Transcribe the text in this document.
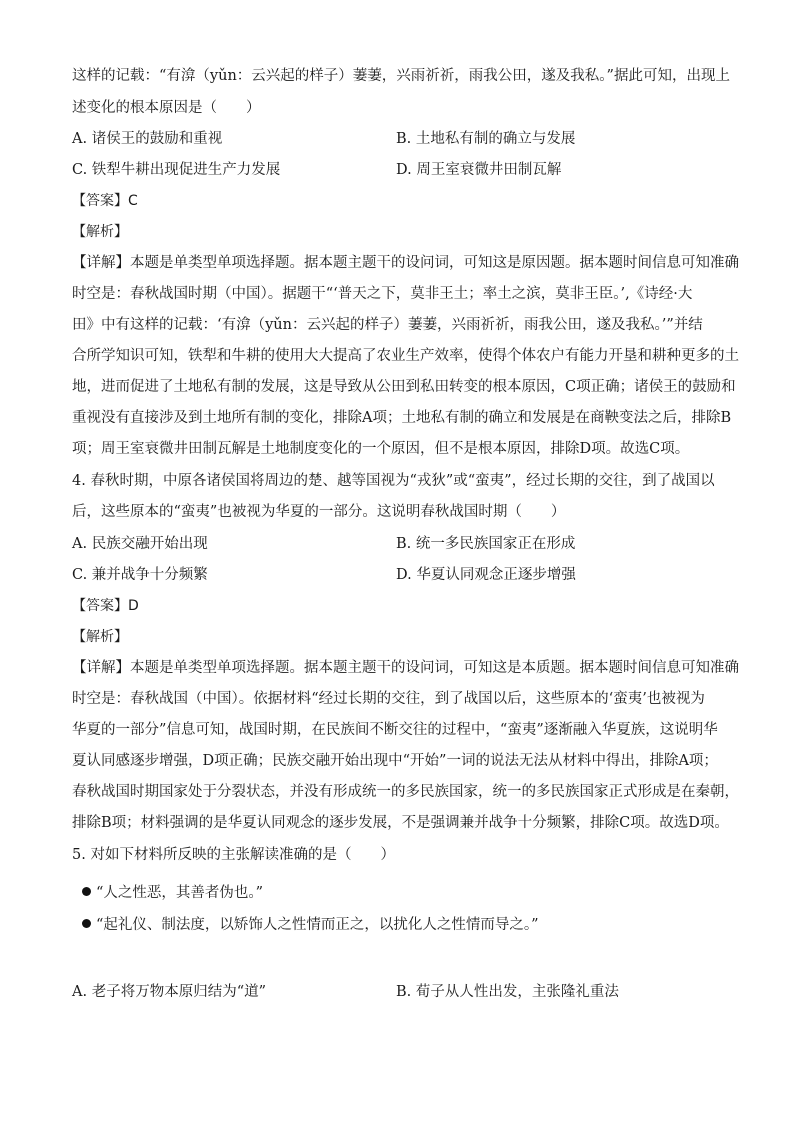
这样的记载：“有渰（yǔn：云兴起的样子）萋萋，兴雨祈祈，雨我公田，遂及我私。”据此可知，出现上
述变化的根本原因是（　　）
A. 诸侯王的鼓励和重视	B. 土地私有制的确立与发展
C. 铁犁牛耕出现促进生产力发展	D. 周王室衰微井田制瓦解
【答案】C
【解析】
【详解】本题是单类型单项选择题。据本题主题干的设问词，可知这是原因题。据本题时间信息可知准确
时空是：春秋战国时期（中国）。据题干“‘普天之下，莫非王土；率土之滨，莫非王臣。’,《诗经·大
田》中有这样的记载：‘有渰（yǔn：云兴起的样子）萋萋，兴雨祈祈，雨我公田，遂及我私。’”并结
合所学知识可知，铁犁和牛耕的使用大大提高了农业生产效率，使得个体农户有能力开垦和耕种更多的土
地，进而促进了土地私有制的发展，这是导致从公田到私田转变的根本原因，C项正确；诸侯王的鼓励和
重视没有直接涉及到土地所有制的变化，排除A项；土地私有制的确立和发展是在商鞅变法之后，排除B
项；周王室衰微井田制瓦解是土地制度变化的一个原因，但不是根本原因，排除D项。故选C项。
4. 春秋时期，中原各诸侯国将周边的楚、越等国视为“戎狄”或“蛮夷”，经过长期的交往，到了战国以
后，这些原本的“蛮夷”也被视为华夏的一部分。这说明春秋战国时期（　　）
A. 民族交融开始出现	B. 统一多民族国家正在形成
C. 兼并战争十分频繁	D. 华夏认同观念正逐步增强
【答案】D
【解析】
【详解】本题是单类型单项选择题。据本题主题干的设问词，可知这是本质题。据本题时间信息可知准确
时空是：春秋战国（中国）。依据材料“经过长期的交往，到了战国以后，这些原本的‘蛮夷’也被视为
华夏的一部分”信息可知，战国时期，在民族间不断交往的过程中，“蛮夷”逐渐融入华夏族，这说明华
夏认同感逐步增强，D项正确；民族交融开始出现中“开始”一词的说法无法从材料中得出，排除A项；
春秋战国时期国家处于分裂状态，并没有形成统一的多民族国家，统一的多民族国家正式形成是在秦朝，
排除B项；材料强调的是华夏认同观念的逐步发展，不是强调兼并战争十分频繁，排除C项。故选D项。
5. 对如下材料所反映的主张解读准确的是（　　）
“人之性恶，其善者伪也。”
“起礼仪、制法度，以矫饰人之性情而正之，以扰化人之性情而导之。”
A. 老子将万物本原归结为“道”	B. 荀子从人性出发，主张隆礼重法
